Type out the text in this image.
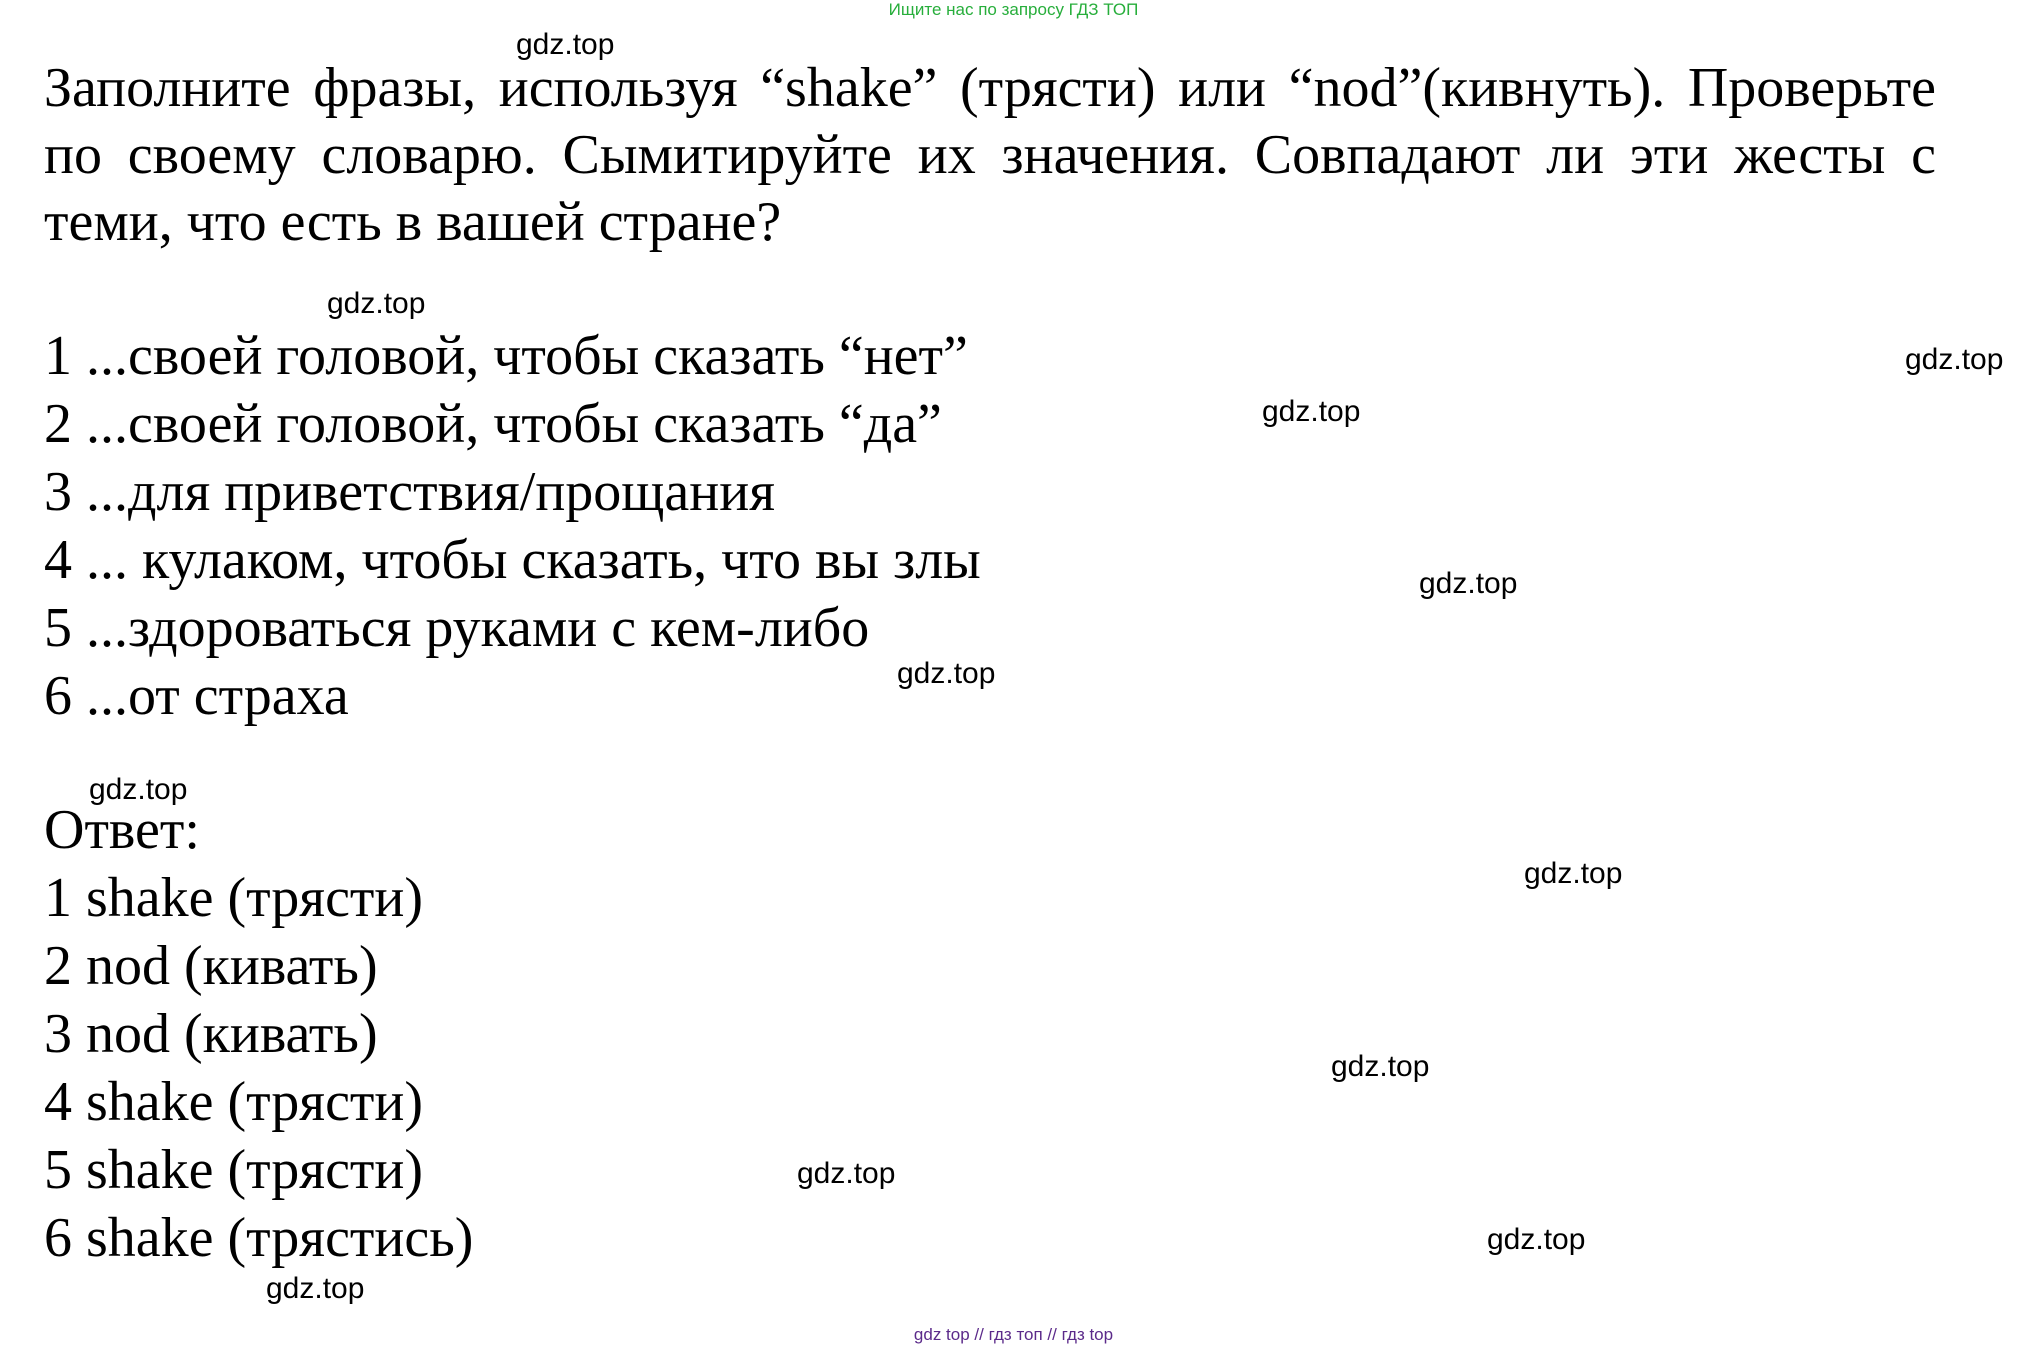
Ищите нас по запросу ГДЗ ТОП
Заполните фразы, используя “shake” (трясти) или “nod”(кивнуть). Проверьте по своему словарю. Сымитируйте их значения. Совпадают ли эти жесты с теми, что есть в вашей стране?
1 ...своей головой, чтобы сказать “нет”
2 ...своей головой, чтобы сказать “да”
3 ...для приветствия/прощания
4 ... кулаком, чтобы сказать, что вы злы
5 ...здороваться руками с кем-либо
6 ...от страха
Ответ:
1 shake (трясти)
2 nod (кивать)
3 nod (кивать)
4 shake (трясти)
5 shake (трясти)
6 shake (трястись)
gdz.top
gdz.top
gdz.top
gdz.top
gdz.top
gdz.top
gdz.top
gdz.top
gdz.top
gdz.top
gdz.top
gdz.top
gdz top // гдз топ // гдз top
